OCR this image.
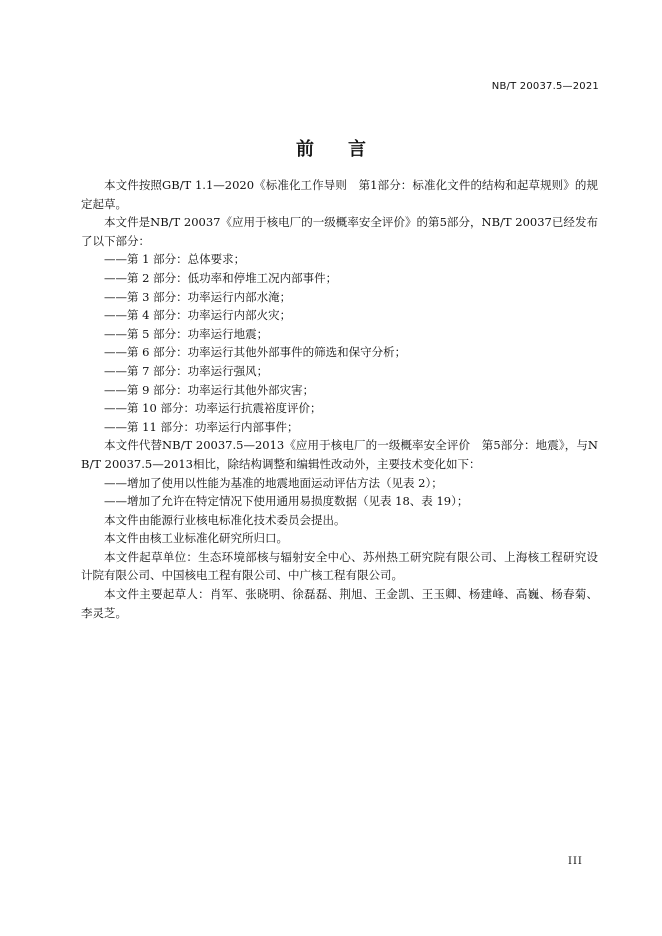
NB/T 20037.5—2021
前言

本文件按照GB/T 1.1—2020《标准化工作导则　第1部分：标准化文件的结构和起草规则》的规定起草。

本文件是NB/T 20037《应用于核电厂的一级概率安全评价》的第5部分，NB/T 20037已经发布了以下部分：

——第 1 部分：总体要求；

——第 2 部分：低功率和停堆工况内部事件；

——第 3 部分：功率运行内部水淹；

——第 4 部分：功率运行内部火灾；

——第 5 部分：功率运行地震；

——第 6 部分：功率运行其他外部事件的筛选和保守分析；

——第 7 部分：功率运行强风；

——第 9 部分：功率运行其他外部灾害；

——第 10 部分：功率运行抗震裕度评价；

——第 11 部分：功率运行内部事件；

本文件代替NB/T 20037.5—2013《应用于核电厂的一级概率安全评价　第5部分：地震》，与NB/T 20037.5—2013相比，除结构调整和编辑性改动外，主要技术变化如下：

——增加了使用以性能为基准的地震地面运动评估方法（见表 2）；

——增加了允许在特定情况下使用通用易损度数据（见表 18、表 19）；

本文件由能源行业核电标准化技术委员会提出。

本文件由核工业标准化研究所归口。

本文件起草单位：生态环境部核与辐射安全中心、苏州热工研究院有限公司、上海核工程研究设计院有限公司、中国核电工程有限公司、中广核工程有限公司。

本文件主要起草人：肖军、张晓明、徐磊磊、荆旭、王金凯、王玉卿、杨建峰、高巍、杨春菊、李灵芝。

III
